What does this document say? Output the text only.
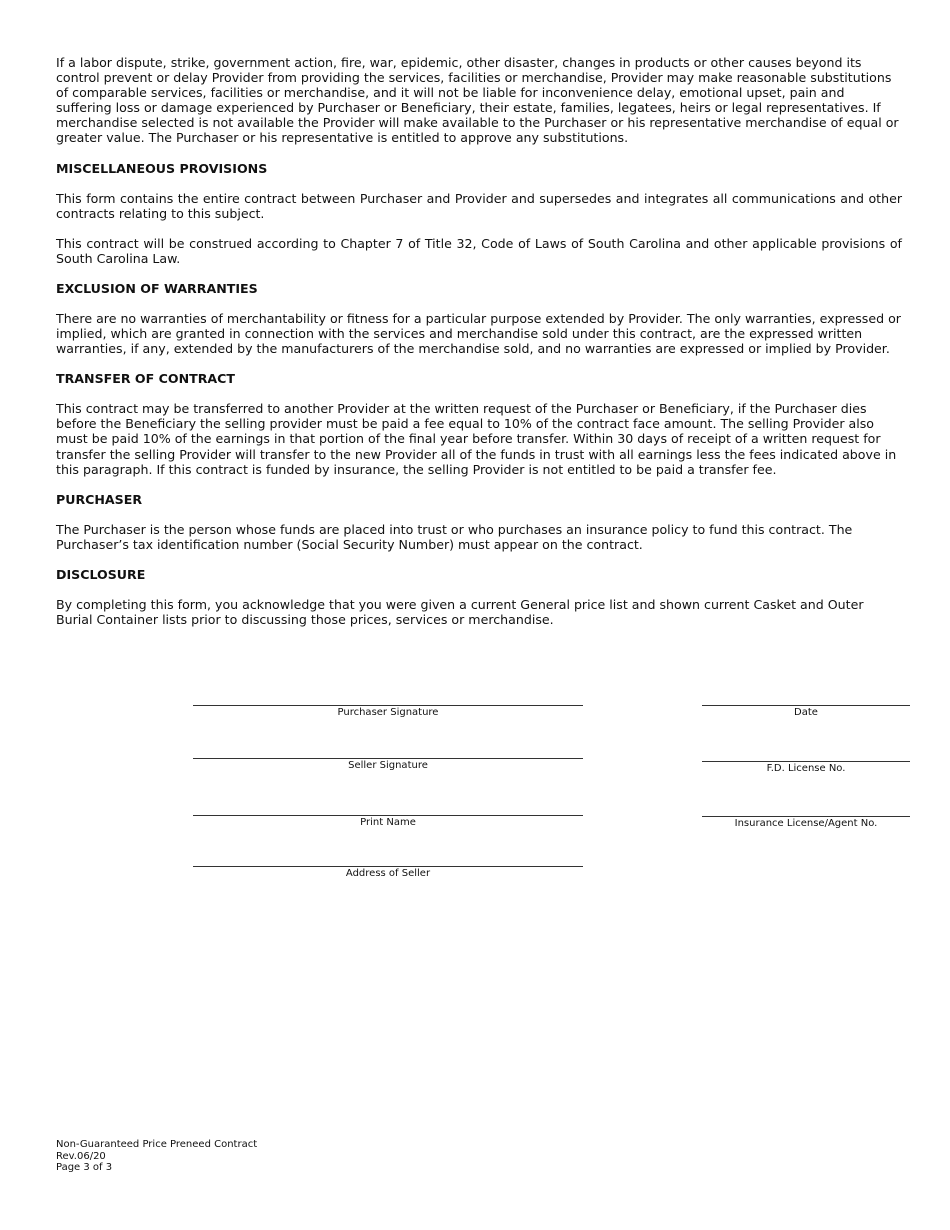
If a labor dispute, strike, government action, fire, war, epidemic, other disaster, changes in products or other causes beyond its control prevent or delay Provider from providing the services, facilities or merchandise, Provider may make reasonable substitutions of comparable services, facilities or merchandise, and it will not be liable for inconvenience delay, emotional upset, pain and suffering loss or damage experienced by Purchaser or Beneficiary, their estate, families, legatees, heirs or legal representatives. If merchandise selected is not available the Provider will make available to the Purchaser or his representative merchandise of equal or greater value. The Purchaser or his representative is entitled to approve any substitutions.

MISCELLANEOUS PROVISIONS

This form contains the entire contract between Purchaser and Provider and supersedes and integrates all communications and other contracts relating to this subject.

This contract will be construed according to Chapter 7 of Title 32, Code of Laws of South Carolina and other applicable provisions of South Carolina Law.

EXCLUSION OF WARRANTIES

There are no warranties of merchantability or fitness for a particular purpose extended by Provider. The only warranties, expressed or implied, which are granted in connection with the services and merchandise sold under this contract, are the expressed written warranties, if any, extended by the manufacturers of the merchandise sold, and no warranties are expressed or implied by Provider.

TRANSFER OF CONTRACT

This contract may be transferred to another Provider at the written request of the Purchaser or Beneficiary, if the Purchaser dies before the Beneficiary the selling provider must be paid a fee equal to 10% of the contract face amount. The selling Provider also must be paid 10% of the earnings in that portion of the final year before transfer. Within 30 days of receipt of a written request for transfer the selling Provider will transfer to the new Provider all of the funds in trust with all earnings less the fees indicated above in this paragraph. If this contract is funded by insurance, the selling Provider is not entitled to be paid a transfer fee.

PURCHASER

The Purchaser is the person whose funds are placed into trust or who purchases an insurance policy to fund this contract. The Purchaser’s tax identification number (Social Security Number) must appear on the contract.

DISCLOSURE

By completing this form, you acknowledge that you were given a current General price list and shown current Casket and Outer Burial Container lists prior to discussing those prices, services or merchandise.

Purchaser Signature	Date
Seller Signature	F.D. License No.
Print Name	Insurance License/Agent No.
Address of Seller
Non-Guaranteed Price Preneed Contract
Rev.06/20
Page 3 of 3
